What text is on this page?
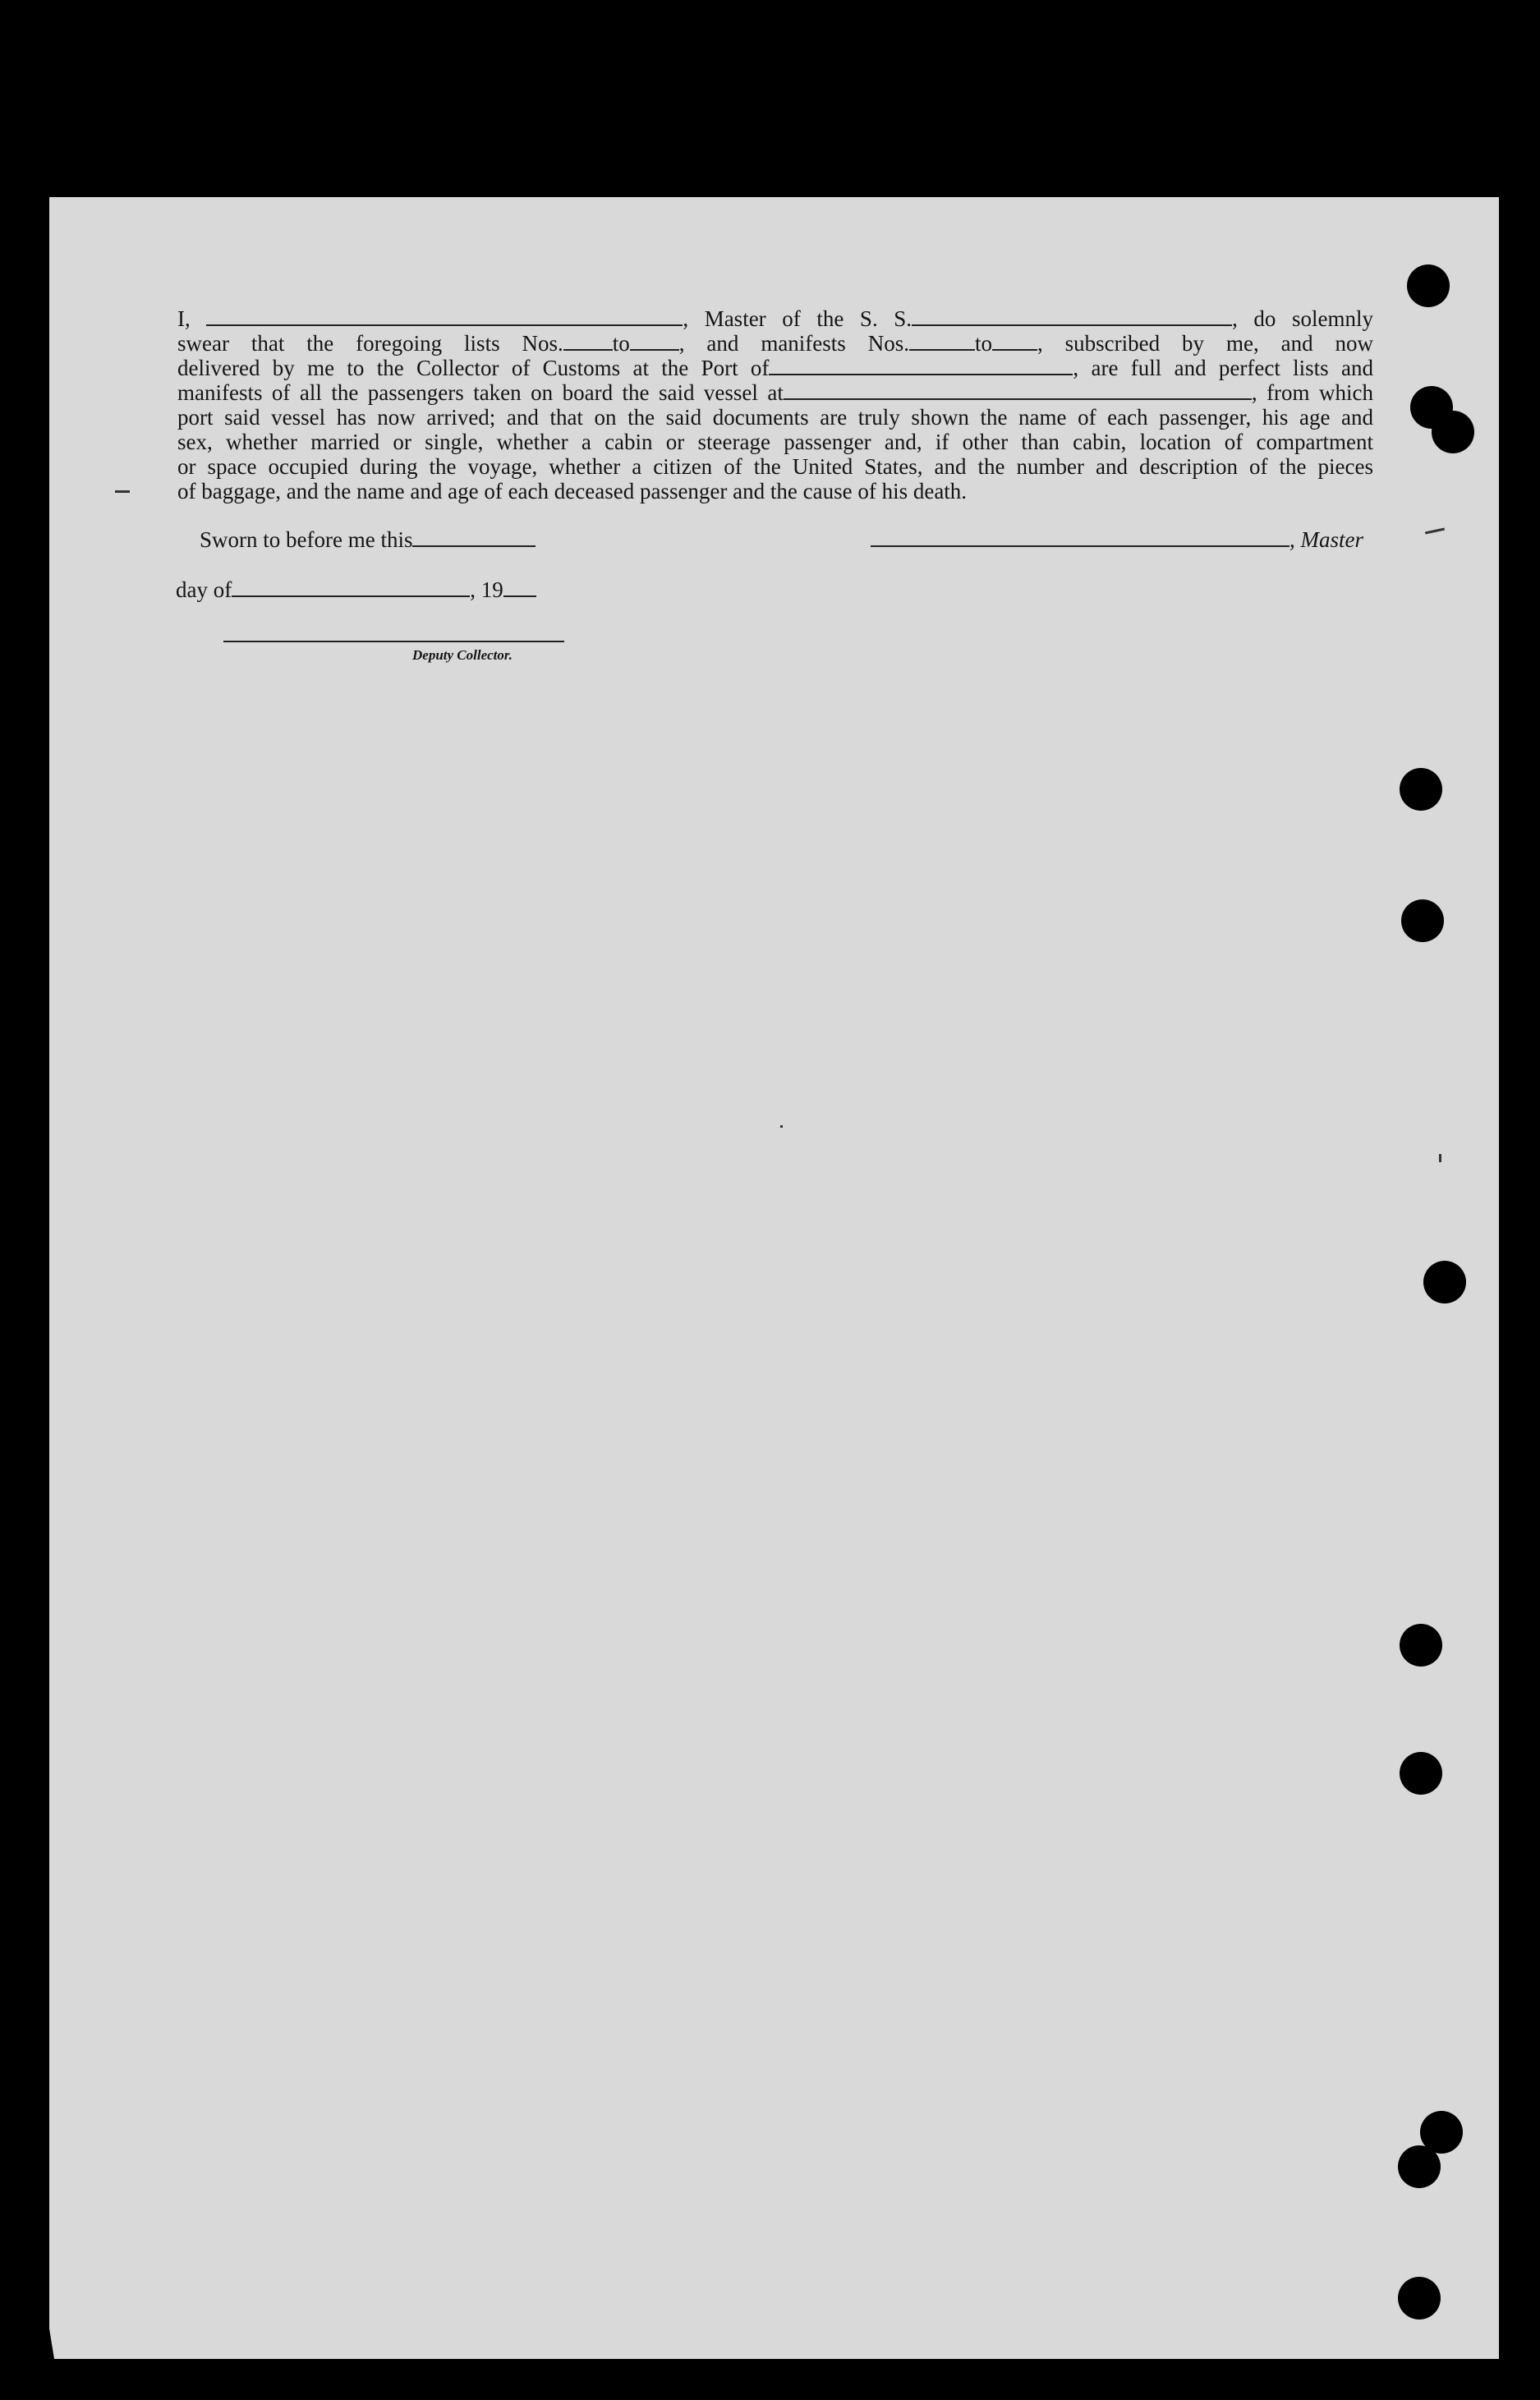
I,	, Master of the S. S.	, do solemnly
swear that the foregoing lists Nos. to , and manifests Nos.	to , subscribed by me, and now
delivered by me to the Collector of Customs at the Port of	, are full and perfect lists and
manifests of all the passengers taken on board the said vessel at	, from which
port said vessel has now arrived; and that on the said documents are truly shown the name of each passenger, his age and
sex, whether married or single, whether a cabin or steerage passenger and, if other than cabin, location of compartment
or space occupied during the voyage, whether a citizen of the United States, and the number and description of the pieces
of baggage, and the name and age of each deceased passenger and the cause of his death.
Sworn to before me this	, Master
day of	, 19
Deputy Collector.
